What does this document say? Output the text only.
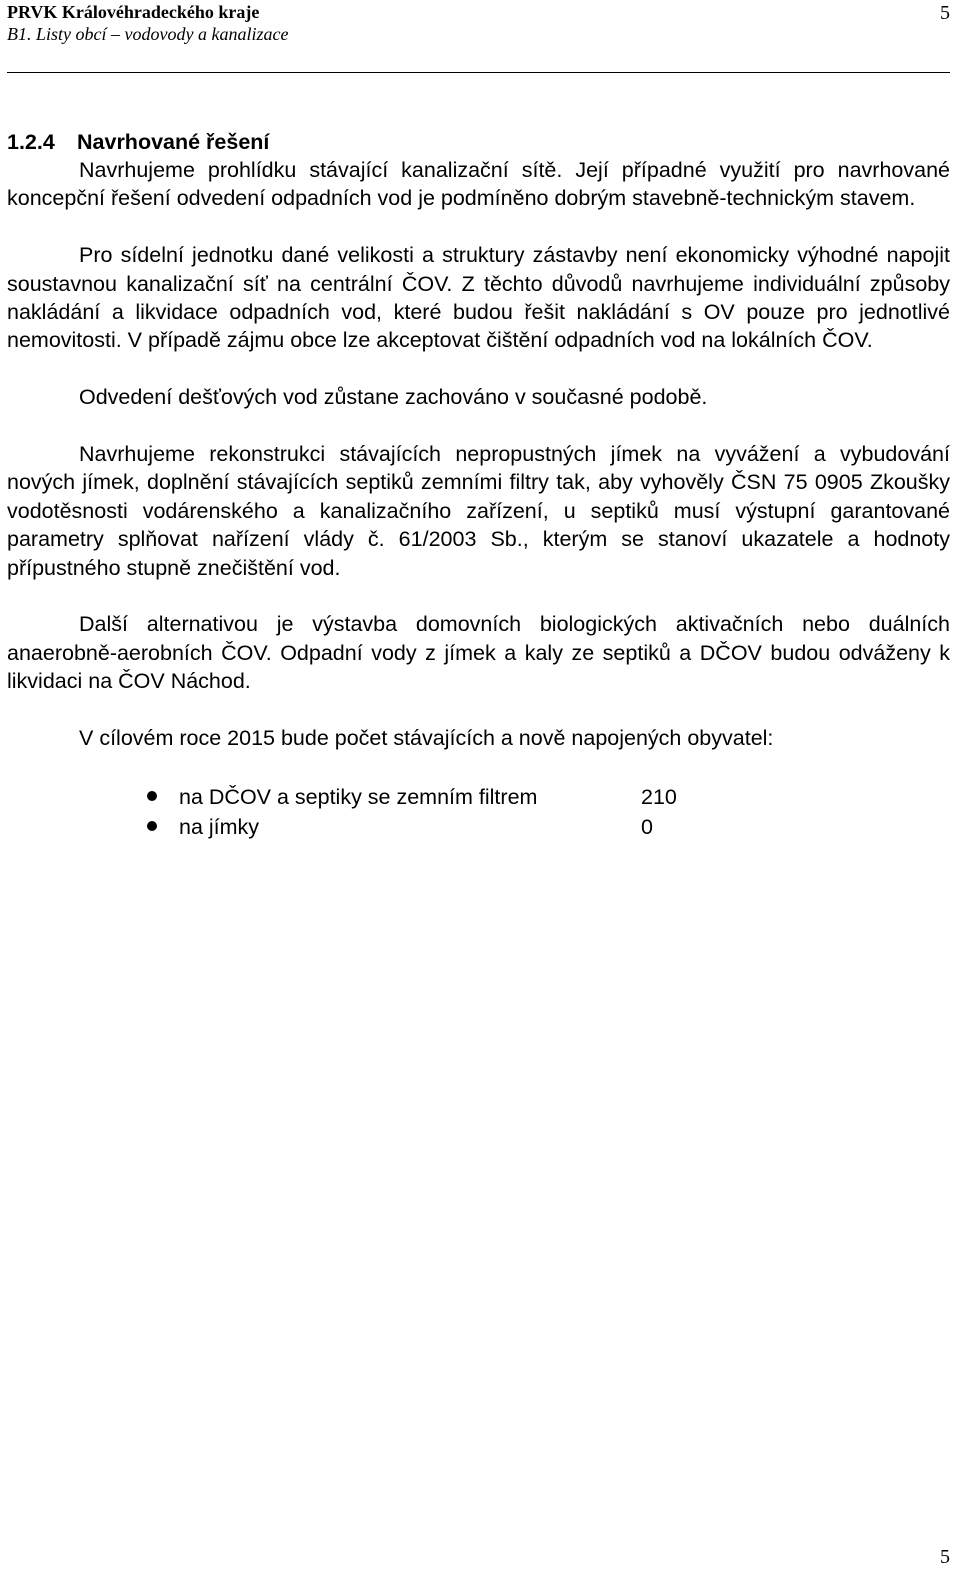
PRVK Královéhradeckého kraje
B1. Listy obcí – vodovody a kanalizace
5
1.2.4	Navrhované řešení

Navrhujeme prohlídku stávající kanalizační sítě. Její případné využití pro navrhované koncepční řešení odvedení odpadních vod je podmíněno dobrým stavebně-technickým stavem.

Pro sídelní jednotku dané velikosti a struktury zástavby není ekonomicky výhodné napojit soustavnou kanalizační síť na centrální ČOV. Z těchto důvodů navrhujeme individuální způsoby nakládání a likvidace odpadních vod, které budou řešit nakládání s OV pouze pro jednotlivé nemovitosti. V případě zájmu obce lze akceptovat čištění odpadních vod na lokálních ČOV.

Odvedení dešťových vod zůstane zachováno v současné podobě.

Navrhujeme rekonstrukci stávajících nepropustných jímek na vyvážení a vybudování nových jímek, doplnění stávajících septiků zemními filtry tak, aby vyhověly ČSN 75 0905 Zkoušky vodotěsnosti vodárenského a kanalizačního zařízení, u septiků musí výstupní garantované parametry splňovat nařízení vlády č. 61/2003 Sb., kterým se stanoví ukazatele a hodnoty přípustného stupně znečištění vod.

Další alternativou je výstavba domovních biologických aktivačních nebo duálních anaerobně-aerobních ČOV. Odpadní vody z jímek a kaly ze septiků a DČOV budou odváženy k likvidaci na ČOV Náchod.

V cílovém roce 2015 bude počet stávajících a nově napojených obyvatel:

na DČOV a septiky se zemním filtrem	210
na jímky	0
5
